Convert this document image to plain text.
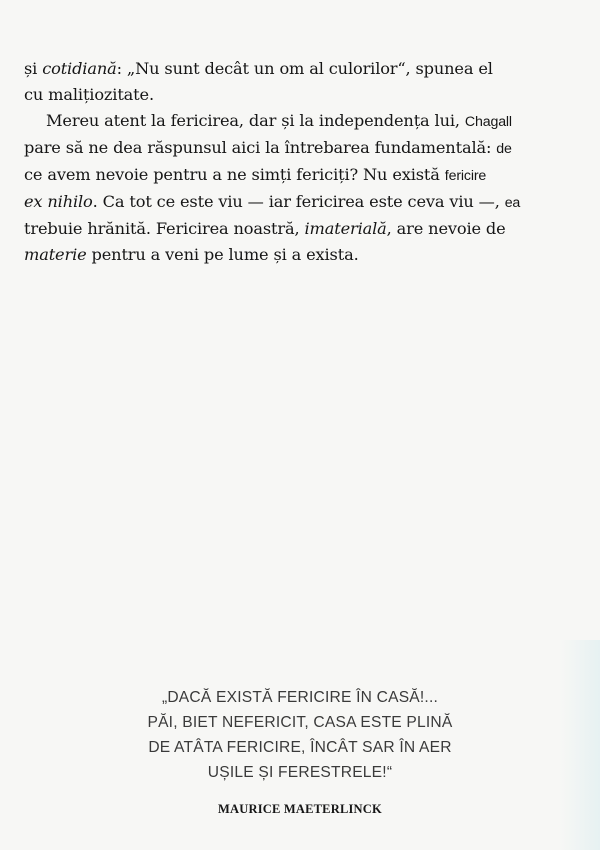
și cotidiană: „Nu sunt decât un om al culorilor“, spunea el
cu malițiozitate.
Mereu atent la fericirea, dar și la independența lui, Chagall
pare să ne dea răspunsul aici la întrebarea fundamentală: de
ce avem nevoie pentru a ne simți fericiți? Nu există fericire
ex nihilo. Ca tot ce este viu — iar fericirea este ceva viu —, ea
trebuie hrănită. Fericirea noastră, imaterială, are nevoie de
materie pentru a veni pe lume și a exista.
„DACĂ EXISTĂ FERICIRE ÎN CASĂ!...
PĂI, BIET NEFERICIT, CASA ESTE PLINĂ
DE ATÂTA FERICIRE, ÎNCÂT SAR ÎN AER
UȘILE ȘI FERESTRELE!“
MAURICE MAETERLINCK
